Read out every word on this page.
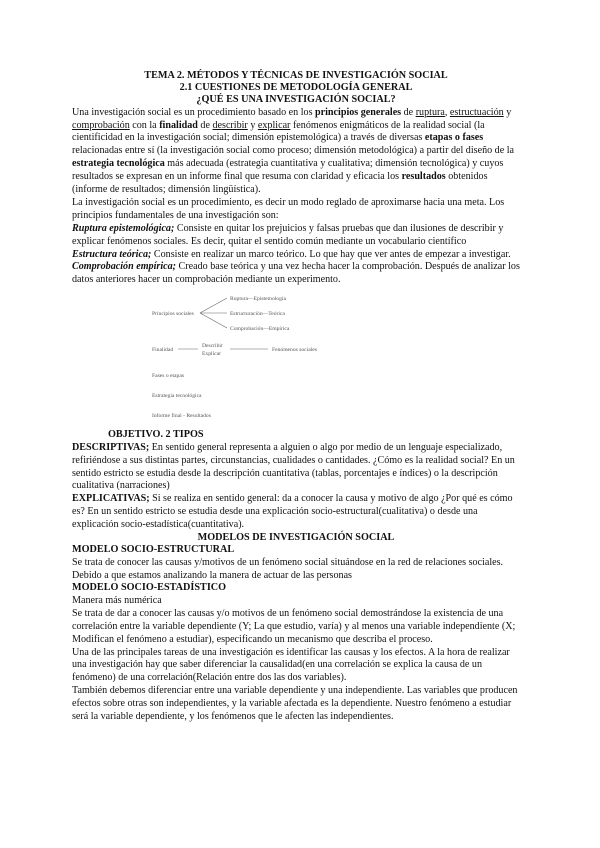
TEMA 2. MÉTODOS Y TÉCNICAS DE INVESTIGACIÓN SOCIAL

2.1 CUESTIONES DE METODOLOGÍA GENERAL

¿QUÉ ES UNA INVESTIGACIÓN SOCIAL?

Una investigación social es un procedimiento basado en los principios generales de ruptura, estructuación y comprobación con la finalidad de describir y explicar fenómenos enigmáticos de la realidad social (la cientificidad en la investigación social; dimensión epistemológica) a través de diversas etapas o fases relacionadas entre sí (la investigación social como proceso; dimensión metodológica) a partir del diseño de la estrategia tecnológica más adecuada (estrategia cuantitativa y cualitativa; dimensión tecnológica) y cuyos resultados se expresan en un informe final que resuma con claridad y eficacia los resultados obtenidos (informe de resultados; dimensión lingüística).

La investigación social es un procedimiento, es decir un modo reglado de aproximarse hacia una meta. Los principios fundamentales de una investigación son:

Ruptura epistemológica; Consiste en quitar los prejuicios y falsas pruebas que dan ilusiones de describir y explicar fenómenos sociales. Es decir, quitar el sentido común mediante un vocabulario científico

Estructura teórica; Consiste en realizar un marco teórico. Lo que hay que ver antes de empezar a investigar.

Comprobación empírica; Creado base teórica y una vez hecha hacer la comprobación. Después de analizar los datos anteriores hacer un comprobación mediante un experimento.

Principios sociales
Ruptura—Epistemología
Estructuración—Teórica
Comprobación—Empírica
Finalidad
Describir
Explicar
Fenómenos sociales
Fases o etapas
Estrategia tecnológica
Informe final - Resultados

OBJETIVO. 2 TIPOS

DESCRIPTIVAS; En sentido general representa a alguien o algo por medio de un lenguaje especializado, refiriéndose a sus distintas partes, circunstancias, cualidades o cantidades. ¿Cómo es la realidad social? En un sentido estricto se estudia desde la descripción cuantitativa (tablas, porcentajes e índices) o la descripción cualitativa (narraciones)

EXPLICATIVAS; Si se realiza en sentido general: da a conocer la causa y motivo de algo ¿Por qué es cómo es? En un sentido estricto se estudia desde una explicación socio-estructural(cualitativa) o desde una explicación socio-estadística(cuantitativa).

MODELOS DE INVESTIGACIÓN SOCIAL

MODELO SOCIO-ESTRUCTURAL

Se trata de conocer las causas y/motivos de un fenómeno social situándose en la red de relaciones sociales.

Debido a que estamos analizando la manera de actuar de las personas

MODELO SOCIO-ESTADÍSTICO

Manera más numérica

Se trata de dar a conocer las causas y/o motivos de un fenómeno social demostrándose la existencia de una correlación entre la variable dependiente (Y; La que estudio, varía) y al menos una variable independiente (X; Modifican el fenómeno a estudiar), especificando un mecanismo que describa el proceso.

Una de las principales tareas de una investigación es identificar las causas y los efectos. A la hora de realizar una investigación hay que saber diferenciar la causalidad(en una correlación se explica la causa de un fenómeno) de una correlación(Relación entre dos las dos variables).

También debemos diferenciar entre una variable dependiente y una independiente. Las variables que producen efectos sobre otras son independientes, y la variable afectada es la dependiente. Nuestro fenómeno a estudiar será la variable dependiente, y los fenómenos que le afecten las independientes.
